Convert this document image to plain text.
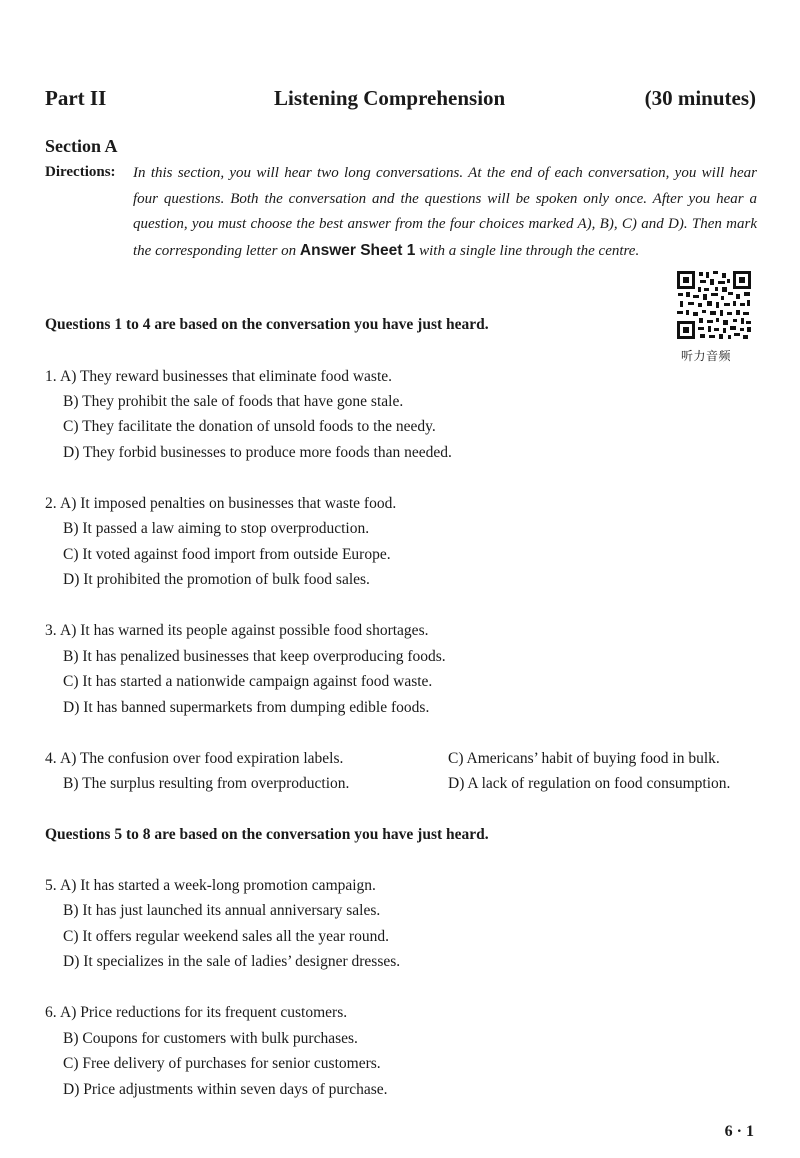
Part II	Listening Comprehension	(30 minutes)
Section A
Directions: In this section, you will hear two long conversations. At the end of each conversation, you will hear four questions. Both the conversation and the questions will be spoken only once. After you hear a question, you must choose the best answer from the four choices marked A), B), C) and D). Then mark the corresponding letter on Answer Sheet 1 with a single line through the centre.
听力音频
Questions 1 to 4 are based on the conversation you have just heard.
1. A) They reward businesses that eliminate food waste.
B) They prohibit the sale of foods that have gone stale.
C) They facilitate the donation of unsold foods to the needy.
D) They forbid businesses to produce more foods than needed.
2. A) It imposed penalties on businesses that waste food.
B) It passed a law aiming to stop overproduction.
C) It voted against food import from outside Europe.
D) It prohibited the promotion of bulk food sales.
3. A) It has warned its people against possible food shortages.
B) It has penalized businesses that keep overproducing foods.
C) It has started a nationwide campaign against food waste.
D) It has banned supermarkets from dumping edible foods.
4. A) The confusion over food expiration labels.
B) The surplus resulting from overproduction.
C) Americans’ habit of buying food in bulk.
D) A lack of regulation on food consumption.
Questions 5 to 8 are based on the conversation you have just heard.
5. A) It has started a week-long promotion campaign.
B) It has just launched its annual anniversary sales.
C) It offers regular weekend sales all the year round.
D) It specializes in the sale of ladies’ designer dresses.
6. A) Price reductions for its frequent customers.
B) Coupons for customers with bulk purchases.
C) Free delivery of purchases for senior customers.
D) Price adjustments within seven days of purchase.
6 · 1
